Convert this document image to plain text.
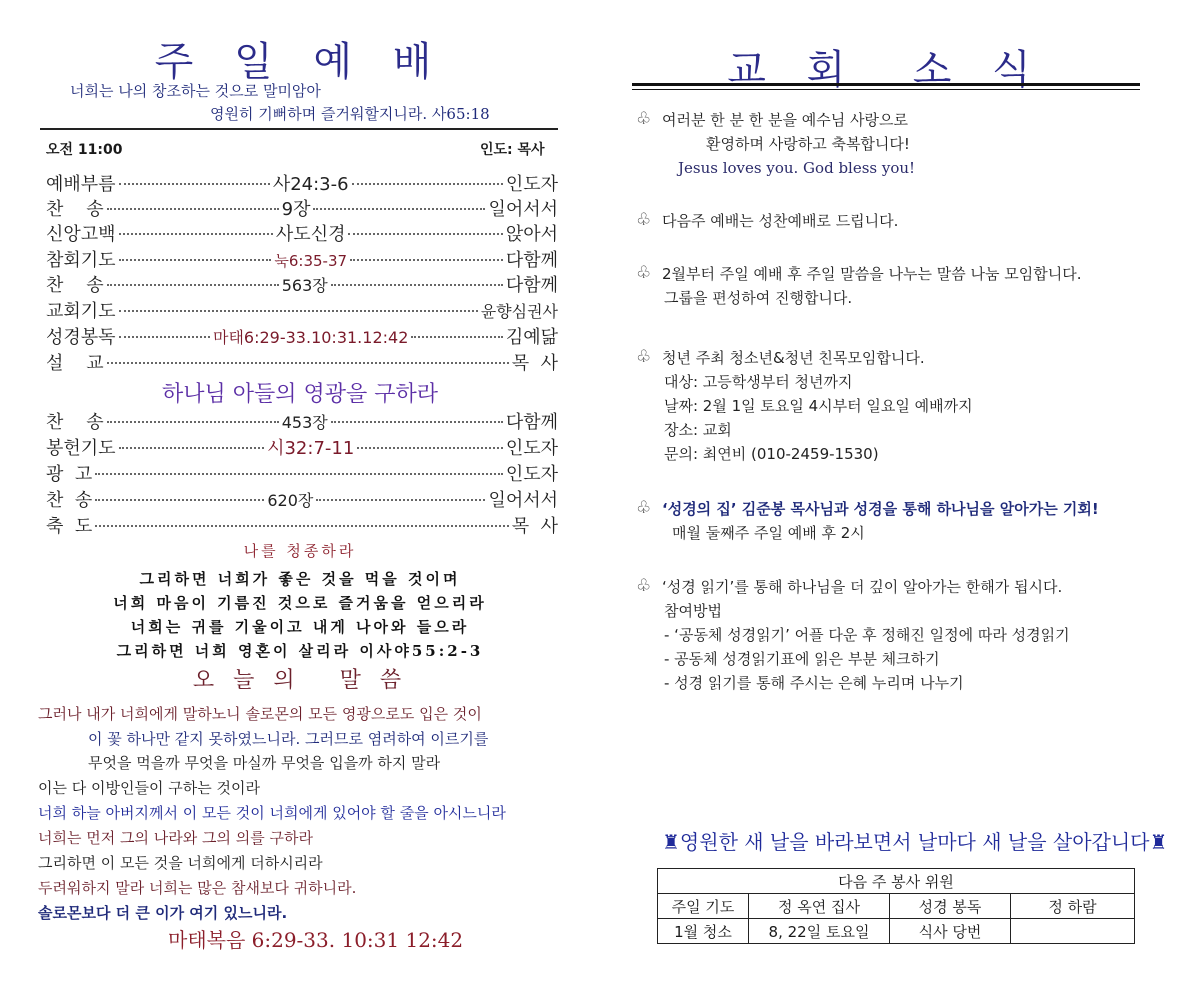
주 일 예 배
너희는 나의 창조하는 것으로 말미암아
영원히 기뻐하며 즐거워할지니라. 사65:18
오전 11:00	인도: 목사
예배부름	사24:3-6	인도자
찬    송	9장	일어서서
신앙고백	사도신경	앉아서
참회기도	눅6:35-37	다함께
찬    송	563장	다함께
교회기도	윤향심권사
성경봉독	마태6:29-33.10:31.12:42	김예닮
설    교	목  사
하나님 아들의 영광을 구하라
찬    송	453장	다함께
봉헌기도	시32:7-11	인도자
광  고	인도자
찬  송	620장	일어서서
축  도	목  사
나를 청종하라
그리하면 너희가 좋은 것을 먹을 것이며
너희 마음이 기름진 것으로 즐거움을 얻으리라
너희는 귀를 기울이고 내게 나아와 들으라
그리하면 너희 영혼이 살리라 이사야55:2-3
오 늘 의   말 씀
그러나 내가 너희에게 말하노니 솔로몬의 모든 영광으로도 입은 것이
이 꽃 하나만 같지 못하였느니라. 그러므로 염려하여 이르기를
무엇을 먹을까 무엇을 마실까 무엇을 입을까 하지 말라
이는 다 이방인들이 구하는 것이라
너희 하늘 아버지께서 이 모든 것이 너희에게 있어야 할 줄을 아시느니라
너희는 먼저 그의 나라와 그의 의를 구하라
그리하면 이 모든 것을 너희에게 더하시리라
두려워하지 말라 너희는 많은 참새보다 귀하니라.
솔로몬보다 더 큰 이가 여기 있느니라.
마태복음 6:29-33. 10:31 12:42
교 회  소 식
♧ 여러분 한 분 한 분을 예수님 사랑으로
환영하며 사랑하고 축복합니다!
Jesus loves you. God bless you!
♧ 다음주 예배는 성찬예배로 드립니다.
♧ 2월부터 주일 예배 후 주일 말씀을 나누는 말씀 나눔 모임합니다.
그룹을 편성하여 진행합니다.
♧ 청년 주최 청소년&청년 친목모임합니다.
대상: 고등학생부터 청년까지
날짜: 2월 1일 토요일 4시부터 일요일 예배까지
장소: 교회
문의: 최연비 (010-2459-1530)
♧ ‘성경의 집’ 김준봉 목사님과 성경을 통해 하나님을 알아가는 기회!
매월 둘째주 주일 예배 후 2시
♧ ‘성경 읽기’를 통해 하나님을 더 깊이 알아가는 한해가 됩시다.
참여방법
- ‘공동체 성경읽기’ 어플 다운 후 정해진 일정에 따라 성경읽기
- 공동체 성경읽기표에 읽은 부분 체크하기
- 성경 읽기를 통해 주시는 은혜 누리며 나누기
♜영원한 새 날을 바라보면서 날마다 새 날을 살아갑니다♜
다음 주 봉사 위원			
주일 기도	정 옥연 집사	성경 봉독	정 하람
1월 청소	8, 22일 토요일	식사 당번	
